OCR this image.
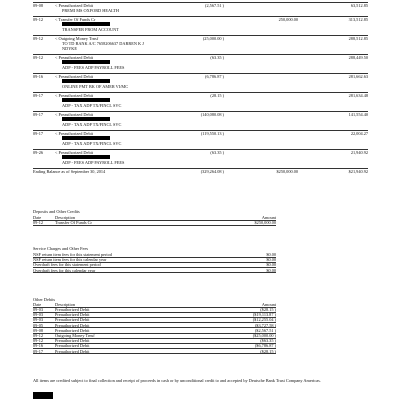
09-08	< Preauthorized Debit	(2,567.51 )	63,512.85
PREMI MS OXFORD HEALTH
09-12	< Transfer Of Funds Cr	250,000.00	313,512.85
TRANSFER FROM ACCOUNT
09-12	< Outgoing Money Trnsf	(25,000.00 )	288,512.85
TO TD BANK A/C 7658206637 DARREN K J
NDYKE
09-12	< Preauthorized Debit	(63.35 )	288,449.50
ADP - FEES ADP PAYROLL FEES
09-16	< Preauthorized Debit	(6,786.87 )	281,662.63
ONLINE PMT BK OF AMER VI/MC
09-17	< Preauthorized Debit	(28.15 )	281,634.48
ADP - TAX ADP TX/FINCL SVC
09-17	< Preauthorized Debit	(140,080.08 )	141,554.40
ADP - TAX ADP TX/FINCL SVC
09-17	< Preauthorized Debit	(119,550.13 )	22,004.27
ADP - TAX ADP TX/FINCL SVC
09-26	< Preauthorized Debit	(63.35 )	21,940.92
ADP - FEES ADP PAYROLL FEES
Ending Balance as of September 30, 2014	(329,264.08 )	$250,000.00	$21,940.92
Deposits and Other Credits
Date	Description	Amount
09-12	Transfer Of Funds Cr	$250,000.00
Service Charges and Other Fees
NSF return item fees for this statement period	$0.00
NSF return item fees for this calendar year	$0.00
Overdraft fees for this statement period	$0.00
Overdraft fees for this calendar year	$0.00
Other Debits
Date	Description	Amount
09-03	Preauthorized Debit	($28.15 )
09-03	Preauthorized Debit	($19,113.87 )
09-03	Preauthorized Debit	($12,255.04 )
09-05	Preauthorized Debit	($3,727.58 )
09-08	Preauthorized Debit	($2,567.51 )
09-12	Outgoing Money Trnsf	($25,000.00 )
09-12	Preauthorized Debit	($63.35 )
09-16	Preauthorized Debit	($6,786.87 )
09-17	Preauthorized Debit	($28.15 )
All items are credited subject to final collection and receipt of proceeds in cash or by unconditional credit to and accepted by Deutsche Bank Trust Company Americas.
